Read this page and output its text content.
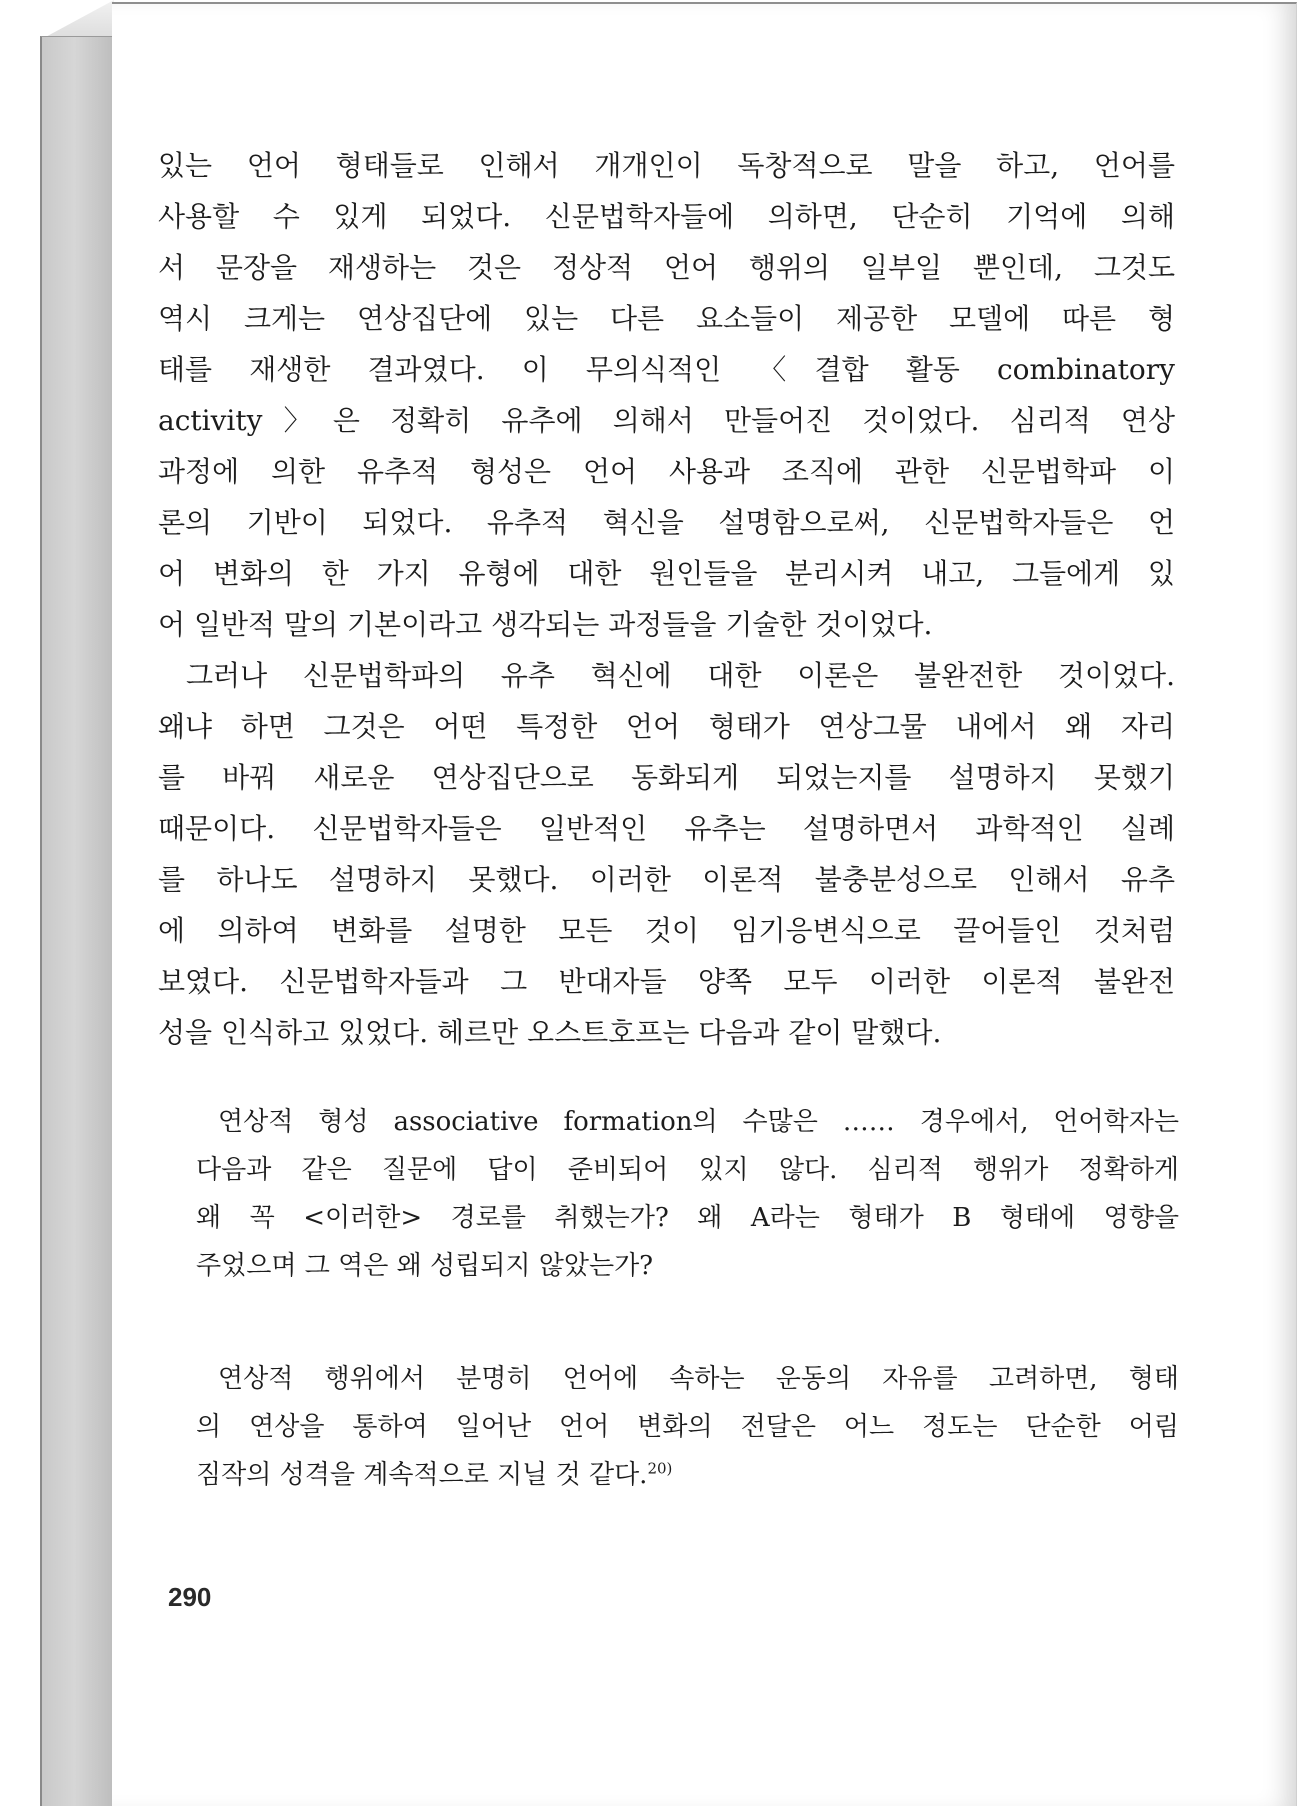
있는 언어 형태들로 인해서 개개인이 독창적으로 말을 하고, 언어를
사용할 수 있게 되었다. 신문법학자들에 의하면, 단순히 기억에 의해
서 문장을 재생하는 것은 정상적 언어 행위의 일부일 뿐인데, 그것도
역시 크게는 연상집단에 있는 다른 요소들이 제공한 모델에 따른 형
태를 재생한 결과였다. 이 무의식적인 〈결합 활동 combinatory
activity〉은 정확히 유추에 의해서 만들어진 것이었다. 심리적 연상
과정에 의한 유추적 형성은 언어 사용과 조직에 관한 신문법학파 이
론의 기반이 되었다. 유추적 혁신을 설명함으로써, 신문법학자들은 언
어 변화의 한 가지 유형에 대한 원인들을 분리시켜 내고, 그들에게 있
어 일반적 말의 기본이라고 생각되는 과정들을 기술한 것이었다.
그러나 신문법학파의 유추 혁신에 대한 이론은 불완전한 것이었다.
왜냐 하면 그것은 어떤 특정한 언어 형태가 연상그물 내에서 왜 자리
를 바꿔 새로운 연상집단으로 동화되게 되었는지를 설명하지 못했기
때문이다. 신문법학자들은 일반적인 유추는 설명하면서 과학적인 실례
를 하나도 설명하지 못했다. 이러한 이론적 불충분성으로 인해서 유추
에 의하여 변화를 설명한 모든 것이 임기응변식으로 끌어들인 것처럼
보였다. 신문법학자들과 그 반대자들 양쪽 모두 이러한 이론적 불완전
성을 인식하고 있었다. 헤르만 오스트호프는 다음과 같이 말했다.
연상적 형성 associative formation의 수많은 …… 경우에서, 언어학자는
다음과 같은 질문에 답이 준비되어 있지 않다. 심리적 행위가 정확하게
왜 꼭 <이러한> 경로를 취했는가? 왜 A라는 형태가 B 형태에 영향을
주었으며 그 역은 왜 성립되지 않았는가?
연상적 행위에서 분명히 언어에 속하는 운동의 자유를 고려하면, 형태
의 연상을 통하여 일어난 언어 변화의 전달은 어느 정도는 단순한 어림
짐작의 성격을 계속적으로 지닐 것 같다.$^{20)}$
290
